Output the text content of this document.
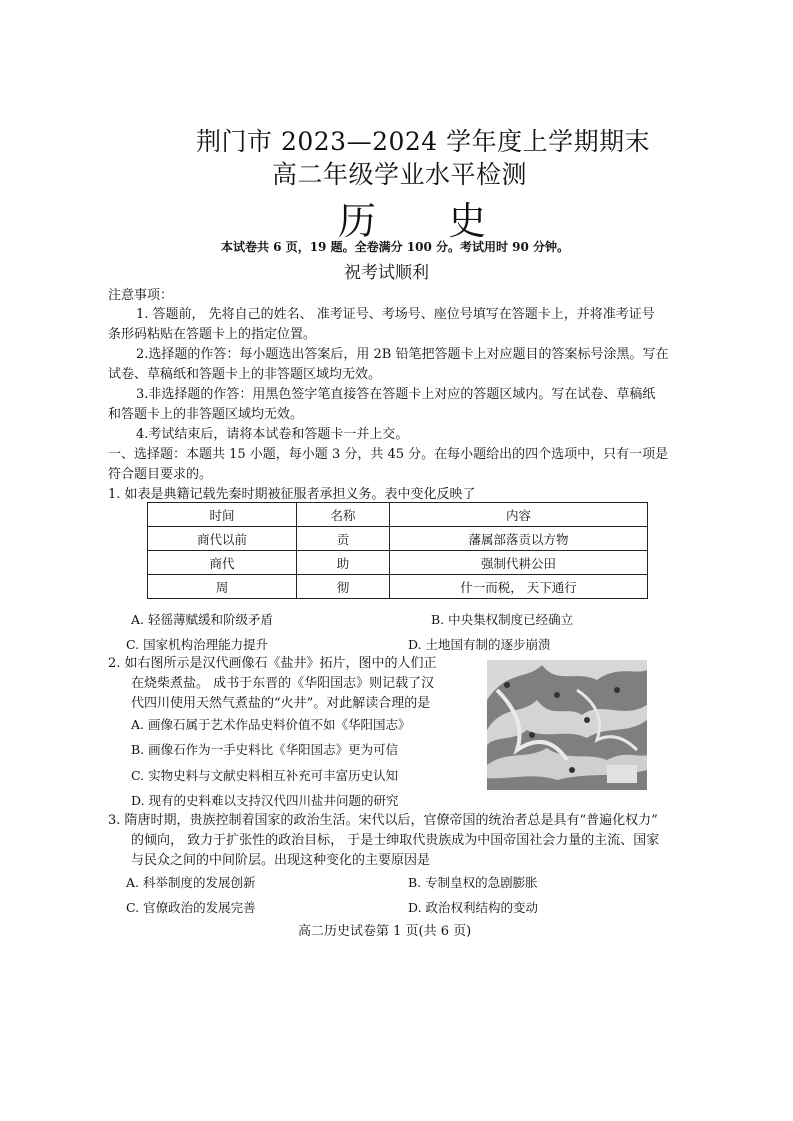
荆门市 2023—2024 学年度上学期期末
高二年级学业水平检测
历 史
本试卷共 6 页，19 题。全卷满分 100 分。考试用时 90 分钟。
祝考试顺利
注意事项：
1. 答题前， 先将自己的姓名、 准考证号、考场号、座位号填写在答题卡上，并将准考证号
条形码粘贴在答题卡上的指定位置。
2.选择题的作答：每小题选出答案后，用 2B 铅笔把答题卡上对应题目的答案标号涂黑。写在
试卷、草稿纸和答题卡上的非答题区域均无效。
3.非选择题的作答：用黑色签字笔直接答在答题卡上对应的答题区域内。写在试卷、草稿纸
和答题卡上的非答题区域均无效。
4.考试结束后，请将本试卷和答题卡一并上交。
一、选择题：本题共 15 小题，每小题 3 分，共 45 分。在每小题给出的四个选项中，只有一项是
符合题目要求的。
1. 如表是典籍记载先秦时期被征服者承担义务。表中变化反映了
时间	名称	内容
商代以前	贡	藩属部落贡以方物
商代	助	强制代耕公田
周	彻	什一而税， 天下通行
A. 轻徭薄赋缓和阶级矛盾	B. 中央集权制度已经确立
C. 国家机构治理能力提升	D. 土地国有制的逐步崩溃
2. 如右图所示是汉代画像石《盐井》拓片，图中的人们正
在烧柴煮盐。 成书于东晋的《华阳国志》则记载了汉
代四川使用天然气煮盐的“火井”。对此解读合理的是
A. 画像石属于艺术作品史料价值不如《华阳国志》
B. 画像石作为一手史料比《华阳国志》更为可信
C. 实物史料与文献史料相互补充可丰富历史认知
D. 现有的史料难以支持汉代四川盐井问题的研究
3. 隋唐时期，贵族控制着国家的政治生活。宋代以后，官僚帝国的统治者总是具有“普遍化权力”
的倾向， 致力于扩张性的政治目标， 于是士绅取代贵族成为中国帝国社会力量的主流、国家
与民众之间的中间阶层。出现这种变化的主要原因是
A. 科举制度的发展创新	B. 专制皇权的急剧膨胀
C. 官僚政治的发展完善	D. 政治权利结构的变动
高二历史试卷第 1 页(共 6 页)
